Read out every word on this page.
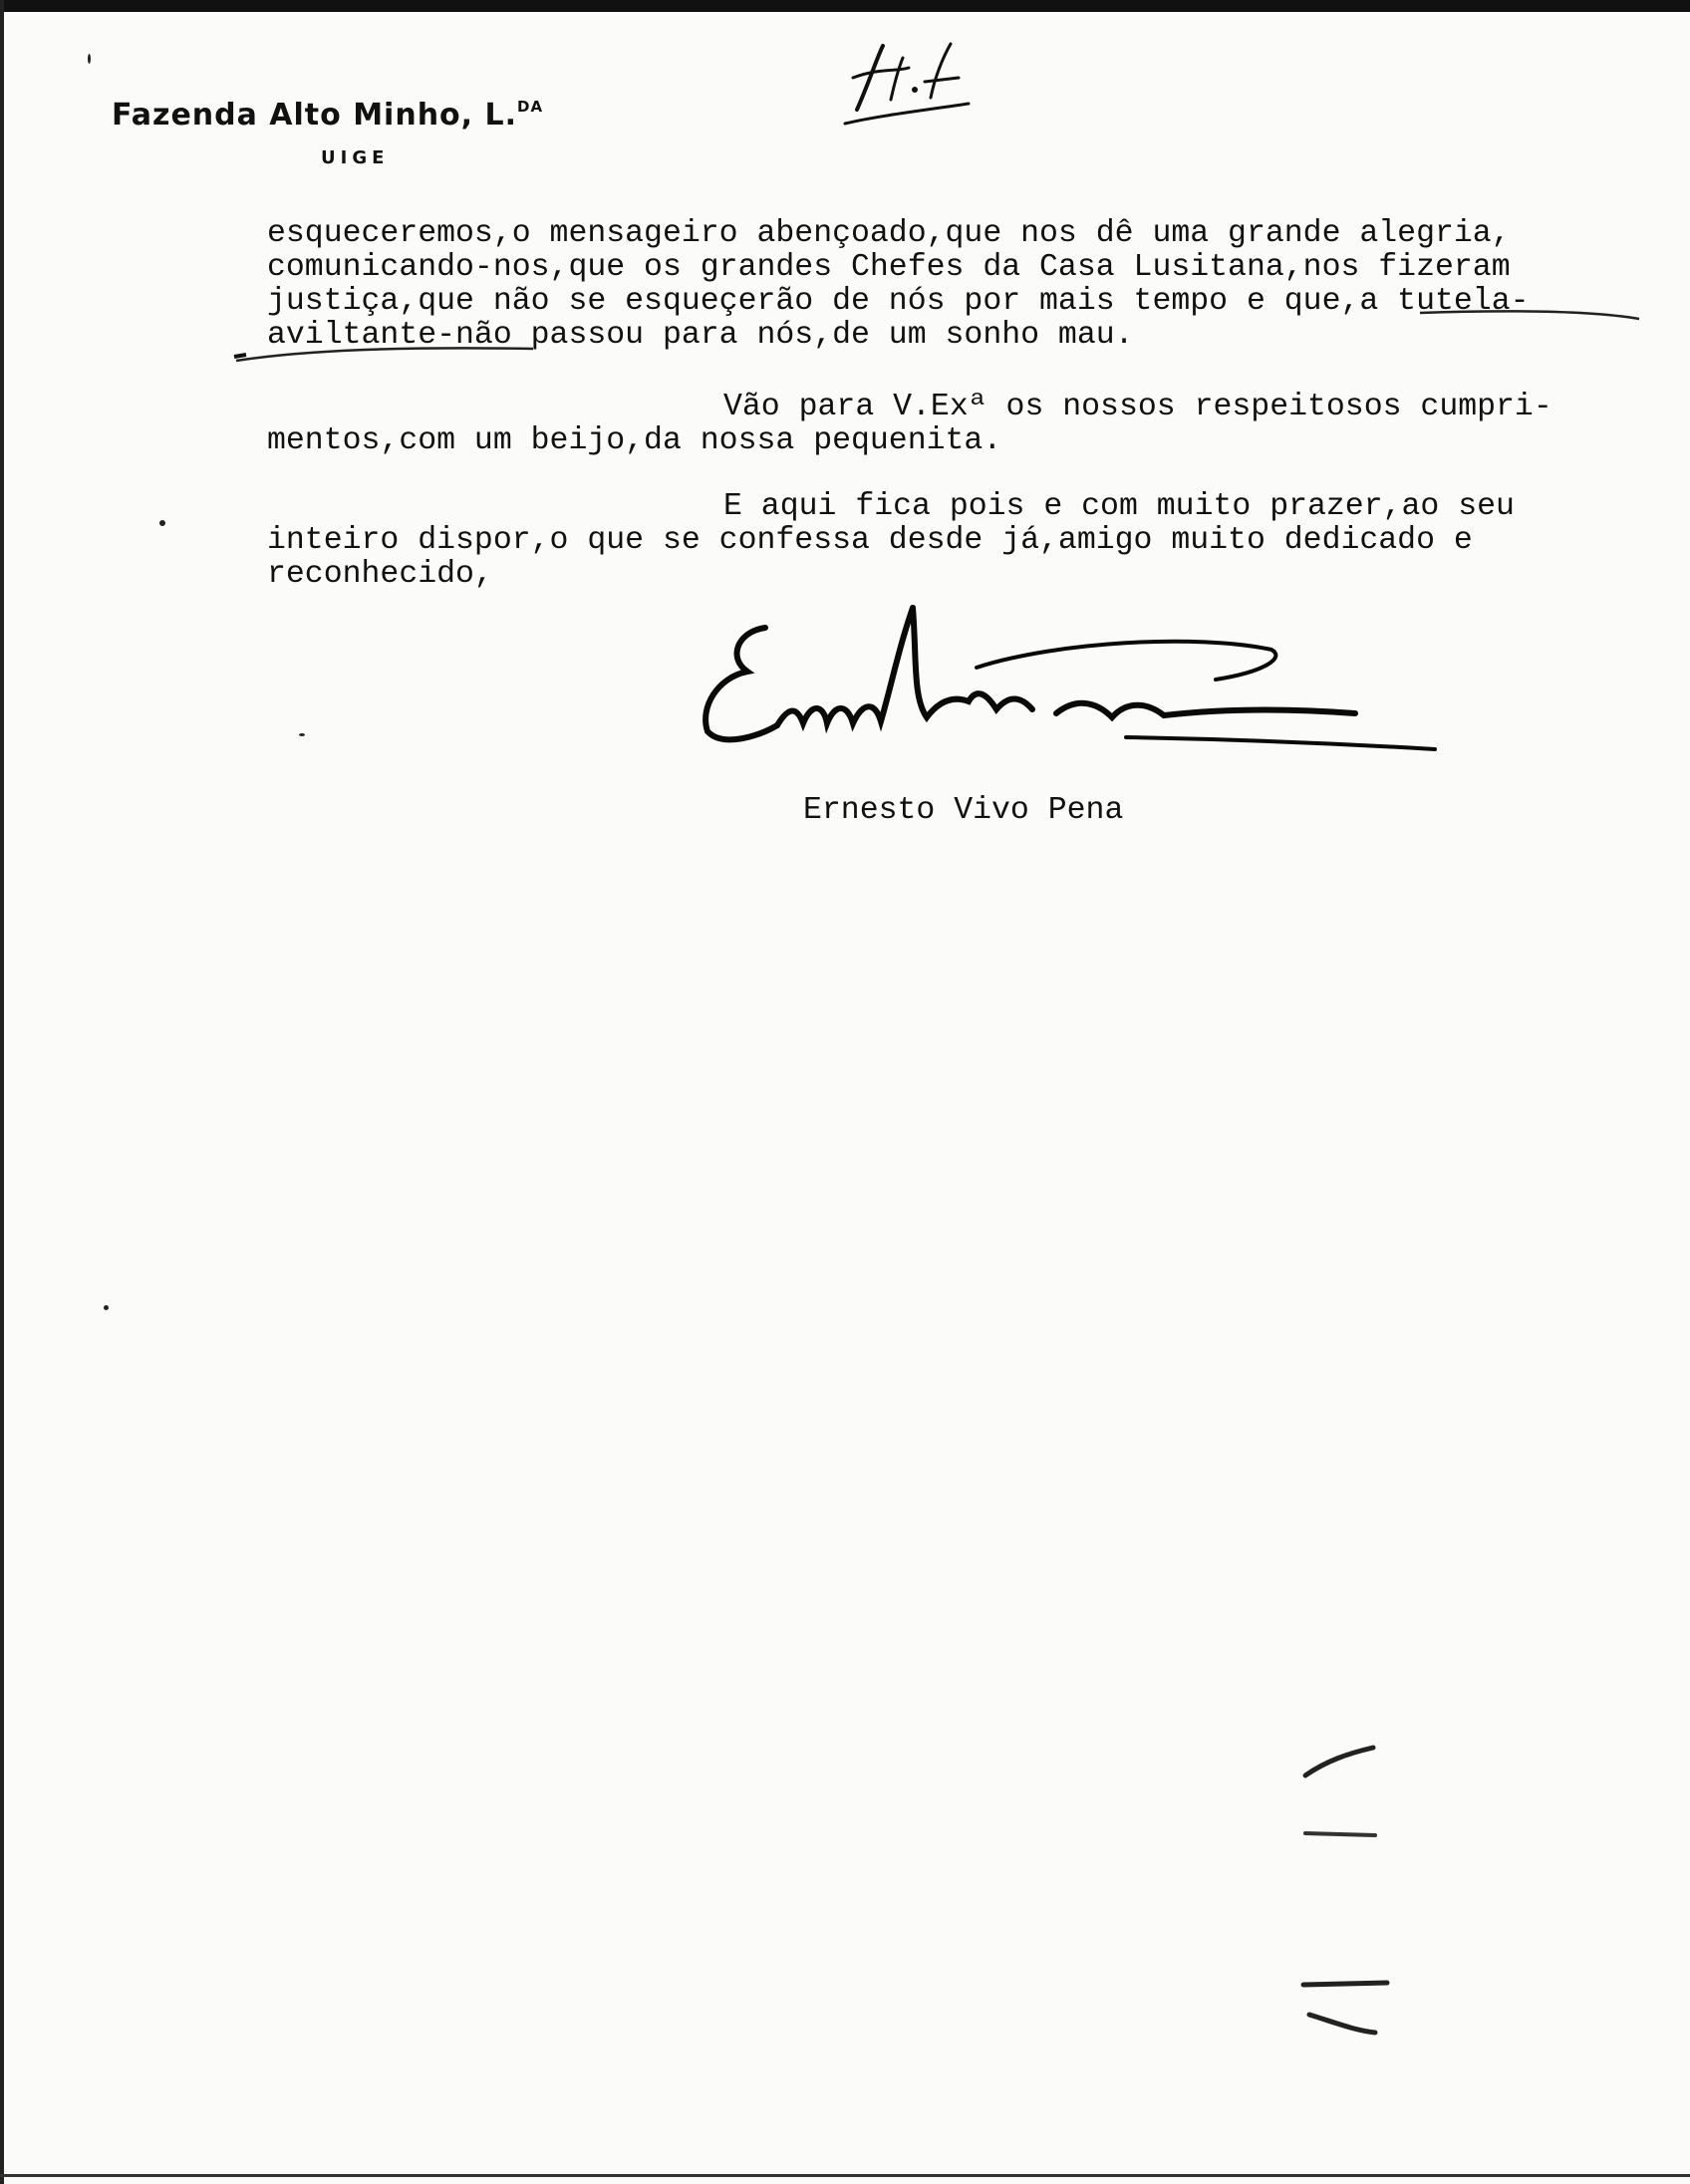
Fazenda Alto Minho, L.$^{DA}$
UIGE
esqueceremos,o mensageiro abençoado,que nos dê uma grande alegria,
comunicando-nos,que os grandes Chefes da Casa Lusitana,nos fizeram
justiça,que não se esqueçerão de nós por mais tempo e que,a tutela-
aviltante-não passou para nós,de um sonho mau.
Vão para V.Exª os nossos respeitosos cumpri-
mentos,com um beijo,da nossa pequenita.
E aqui fica pois e com muito prazer,ao seu
inteiro dispor,o que se confessa desde já,amigo muito dedicado e
reconhecido,
Ernesto Vivo Pena
